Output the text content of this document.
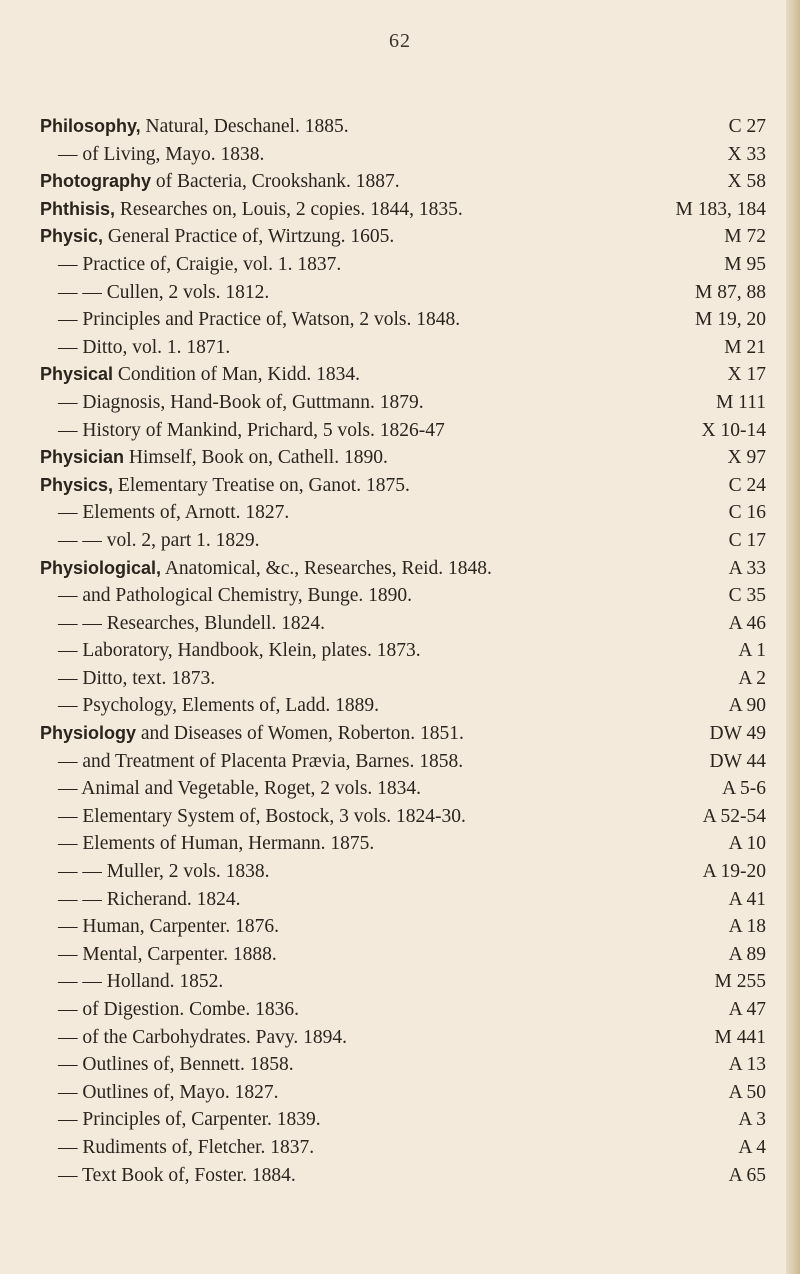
62
Philosophy, Natural, Deschanel. 1885.	C 27
— of Living, Mayo. 1838.	X 33
Photography of Bacteria, Crookshank. 1887.	X 58
Phthisis, Researches on, Louis, 2 copies. 1844, 1835.	M 183, 184
Physic, General Practice of, Wirtzung. 1605.	M 72
— Practice of, Craigie, vol. 1. 1837.	M 95
— — Cullen, 2 vols. 1812.	M 87, 88
— Principles and Practice of, Watson, 2 vols. 1848.	M 19, 20
— Ditto, vol. 1. 1871.	M 21
Physical Condition of Man, Kidd. 1834.	X 17
— Diagnosis, Hand-Book of, Guttmann. 1879.	M 111
— History of Mankind, Prichard, 5 vols. 1826-47	X 10-14
Physician Himself, Book on, Cathell. 1890.	X 97
Physics, Elementary Treatise on, Ganot. 1875.	C 24
— Elements of, Arnott. 1827.	C 16
— — vol. 2, part 1. 1829.	C 17
Physiological, Anatomical, &c., Researches, Reid. 1848.	A 33
— and Pathological Chemistry, Bunge. 1890.	C 35
— — Researches, Blundell. 1824.	A 46
— Laboratory, Handbook, Klein, plates. 1873.	A 1
— Ditto, text. 1873.	A 2
— Psychology, Elements of, Ladd. 1889.	A 90
Physiology and Diseases of Women, Roberton. 1851.	DW 49
— and Treatment of Placenta Prævia, Barnes. 1858.	DW 44
— Animal and Vegetable, Roget, 2 vols. 1834.	A 5-6
— Elementary System of, Bostock, 3 vols. 1824-30.	A 52-54
— Elements of Human, Hermann. 1875.	A 10
— — Muller, 2 vols. 1838.	A 19-20
— — Richerand. 1824.	A 41
— Human, Carpenter. 1876.	A 18
— Mental, Carpenter. 1888.	A 89
— — Holland. 1852.	M 255
— of Digestion. Combe. 1836.	A 47
— of the Carbohydrates. Pavy. 1894.	M 441
— Outlines of, Bennett. 1858.	A 13
— Outlines of, Mayo. 1827.	A 50
— Principles of, Carpenter. 1839.	A 3
— Rudiments of, Fletcher. 1837.	A 4
— Text Book of, Foster. 1884.	A 65
